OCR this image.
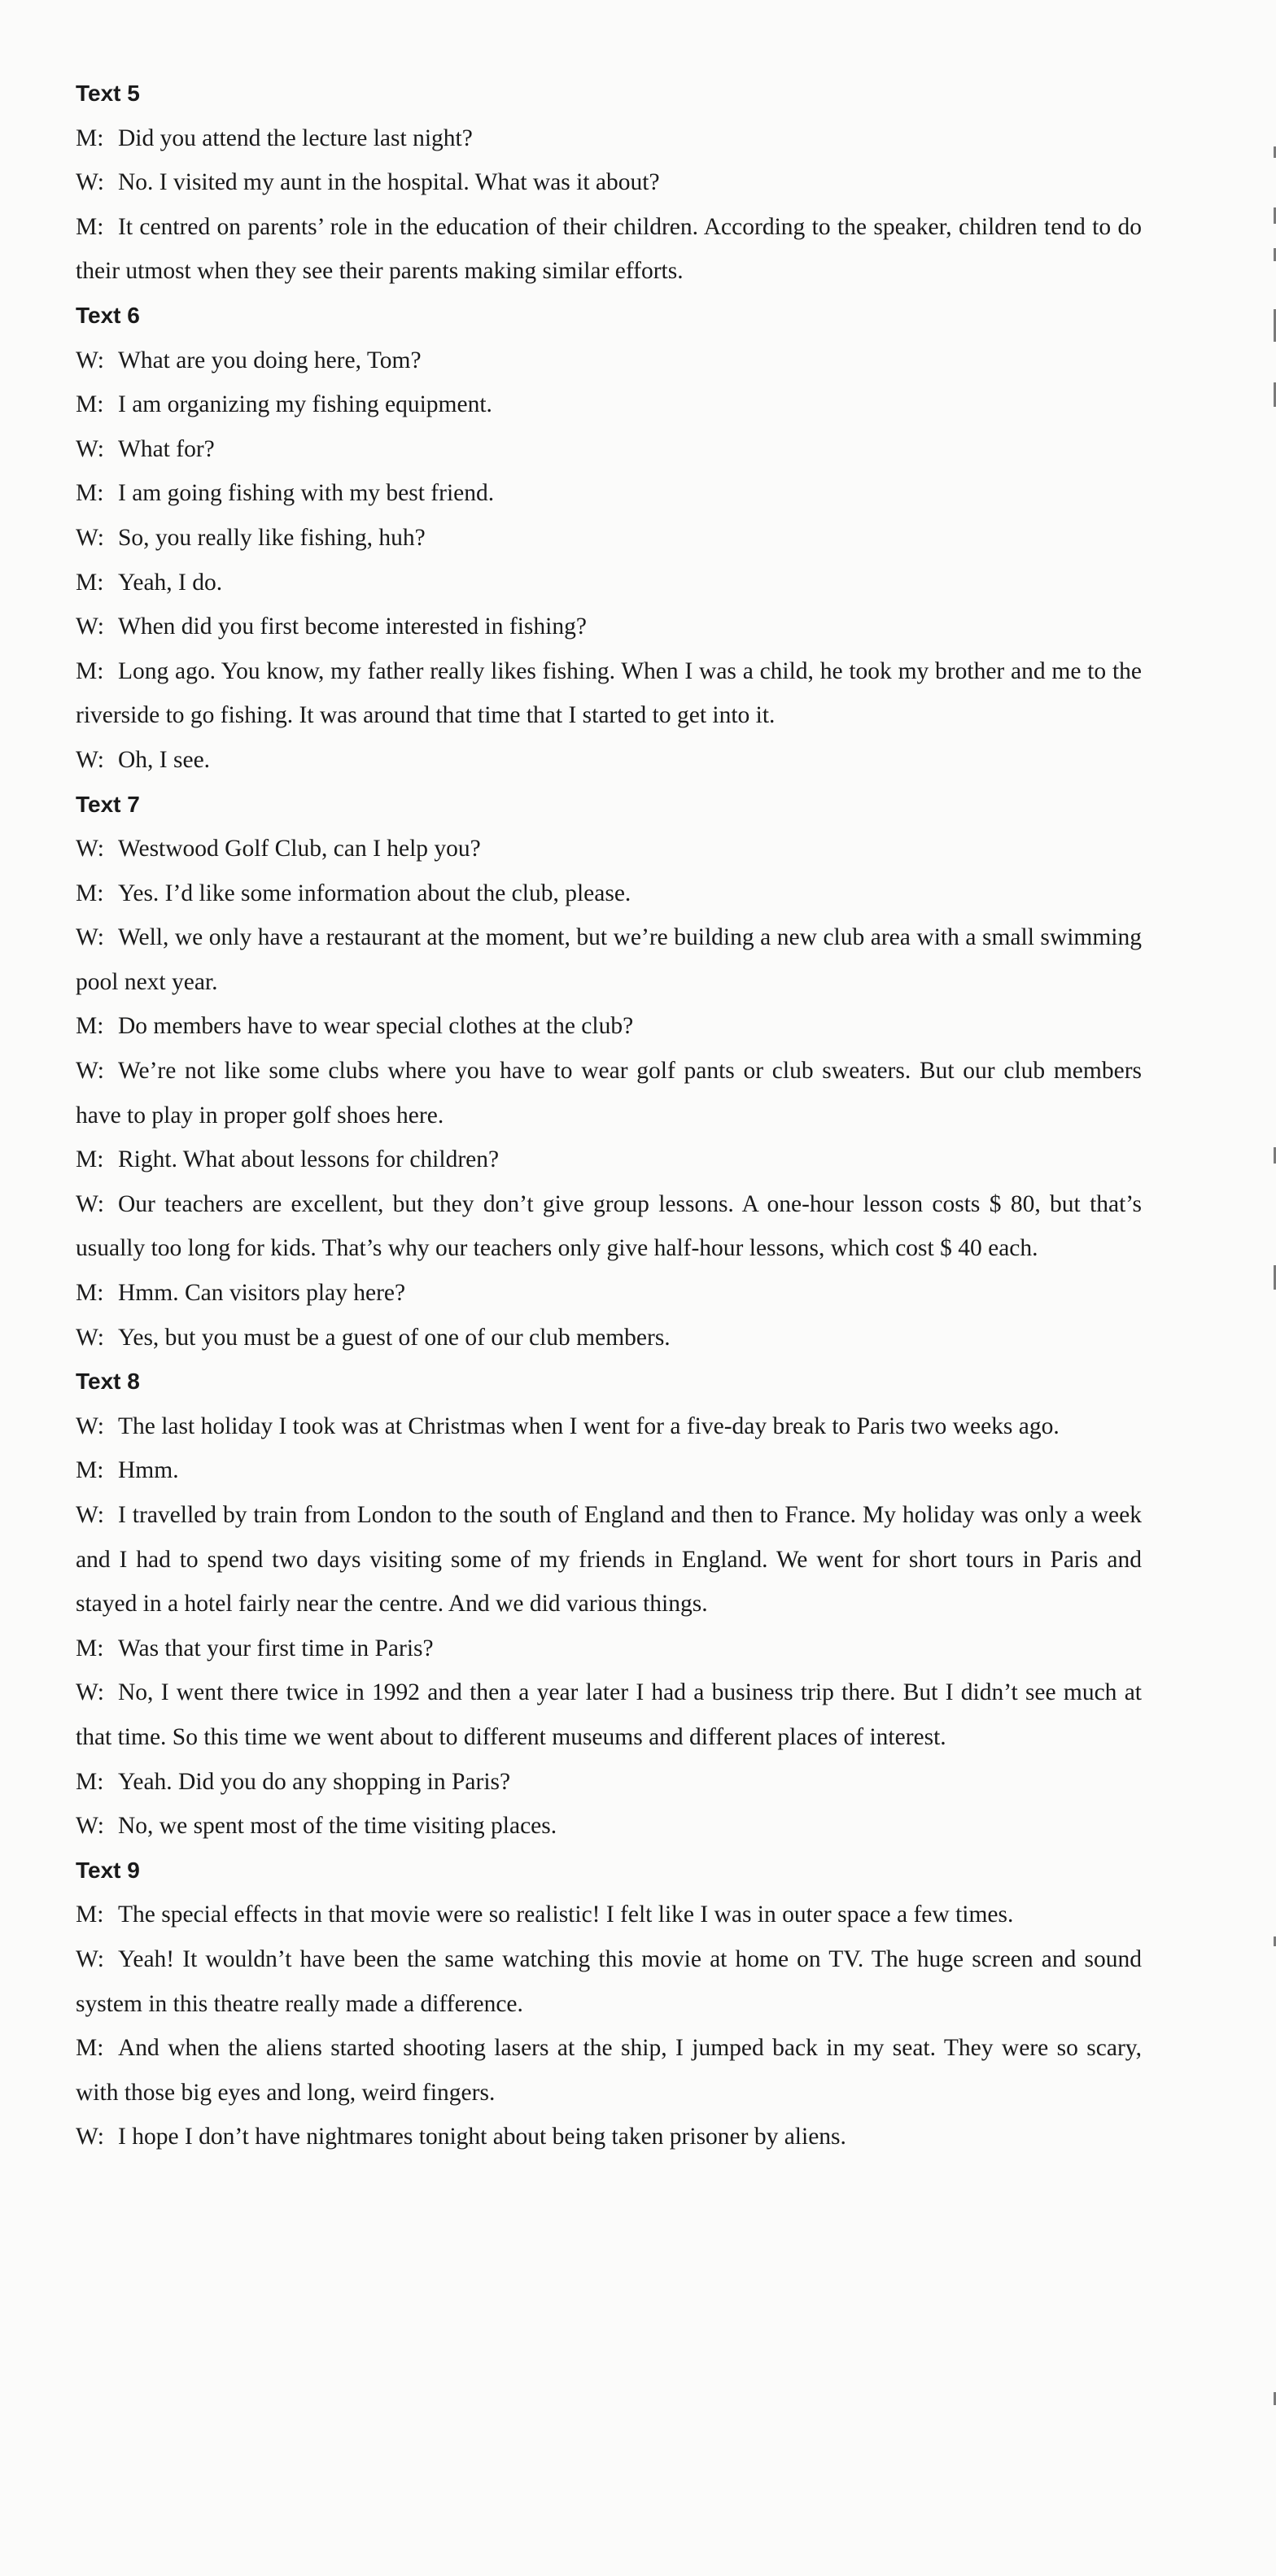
Text 5

M: Did you attend the lecture last night?

W: No. I visited my aunt in the hospital. What was it about?

M: It centred on parents’ role in the education of their children. According to the speaker, children tend to do their utmost when they see their parents making similar efforts.

Text 6

W: What are you doing here, Tom?

M: I am organizing my fishing equipment.

W: What for?

M: I am going fishing with my best friend.

W: So, you really like fishing, huh?

M: Yeah, I do.

W: When did you first become interested in fishing?

M: Long ago. You know, my father really likes fishing. When I was a child, he took my brother and me to the riverside to go fishing. It was around that time that I started to get into it.

W: Oh, I see.

Text 7

W: Westwood Golf Club, can I help you?

M: Yes. I’d like some information about the club, please.

W: Well, we only have a restaurant at the moment, but we’re building a new club area with a small swimming pool next year.

M: Do members have to wear special clothes at the club?

W: We’re not like some clubs where you have to wear golf pants or club sweaters. But our club members have to play in proper golf shoes here.

M: Right. What about lessons for children?

W: Our teachers are excellent, but they don’t give group lessons. A one-hour lesson costs $ 80, but that’s usually too long for kids. That’s why our teachers only give half-hour lessons, which cost $ 40 each.

M: Hmm. Can visitors play here?

W: Yes, but you must be a guest of one of our club members.

Text 8

W: The last holiday I took was at Christmas when I went for a five-day break to Paris two weeks ago.

M: Hmm.

W: I travelled by train from London to the south of England and then to France. My holiday was only a week and I had to spend two days visiting some of my friends in England. We went for short tours in Paris and stayed in a hotel fairly near the centre. And we did various things.

M: Was that your first time in Paris?

W: No, I went there twice in 1992 and then a year later I had a business trip there. But I didn’t see much at that time. So this time we went about to different museums and different places of interest.

M: Yeah. Did you do any shopping in Paris?

W: No, we spent most of the time visiting places.

Text 9

M: The special effects in that movie were so realistic! I felt like I was in outer space a few times.

W: Yeah! It wouldn’t have been the same watching this movie at home on TV. The huge screen and sound system in this theatre really made a difference.

M: And when the aliens started shooting lasers at the ship, I jumped back in my seat. They were so scary, with those big eyes and long, weird fingers.

W: I hope I don’t have nightmares tonight about being taken prisoner by aliens.
